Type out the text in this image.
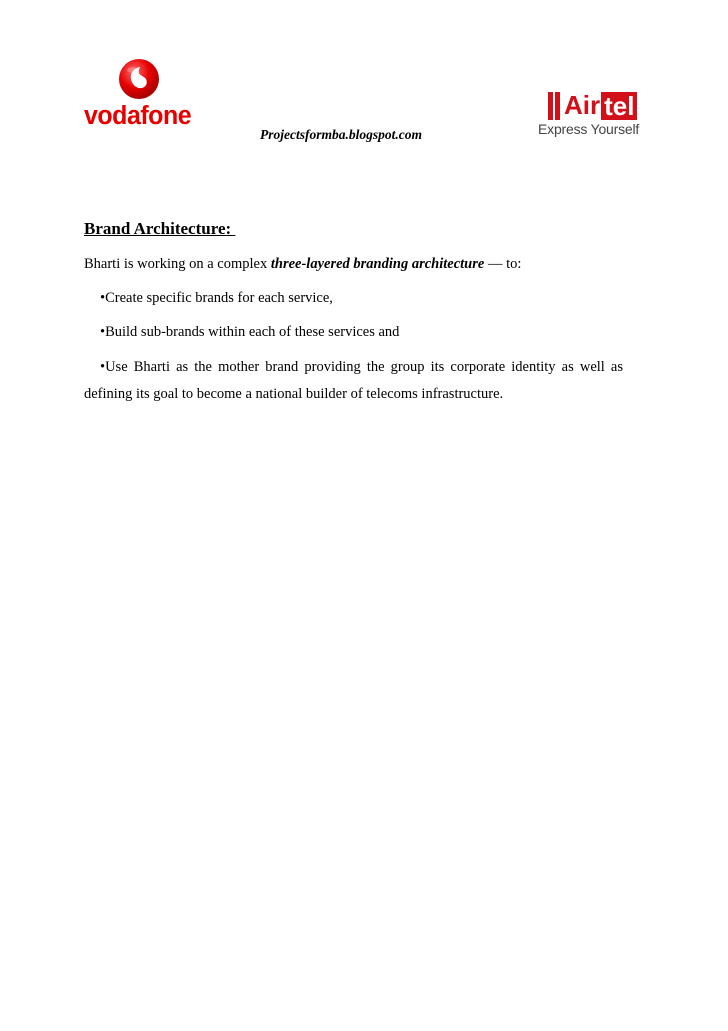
vodafone	Air tel
Express Yourself
Projectsformba.blogspot.com
Brand Architecture:
Bharti is working on a complex three-layered branding architecture — to:
•Create specific brands for each service,
•Build sub-brands within each of these services and
•Use Bharti as the mother brand providing the group its corporate identity as well as
defining its goal to become a national builder of telecoms infrastructure.
